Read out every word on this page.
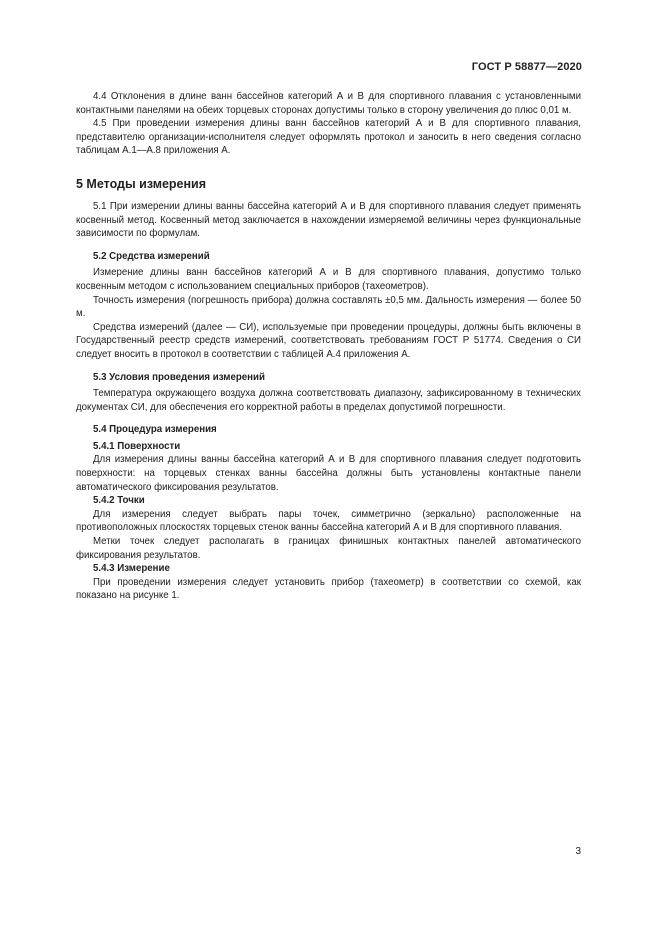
ГОСТ Р 58877—2020

4.4 Отклонения в длине ванн бассейнов категорий А и В для спортивного плавания с установленными контактными панелями на обеих торцевых сторонах допустимы только в сторону увеличения до плюс 0,01 м.

4.5 При проведении измерения длины ванн бассейнов категорий А и В для спортивного плавания, представителю организации-исполнителя следует оформлять протокол и заносить в него сведения согласно таблицам А.1—А.8 приложения А.

5 Методы измерения

5.1 При измерении длины ванны бассейна категорий А и В для спортивного плавания следует применять косвенный метод. Косвенный метод заключается в нахождении измеряемой величины через функциональные зависимости по формулам.

5.2 Средства измерений

Измерение длины ванн бассейнов категорий А и В для спортивного плавания, допустимо только косвенным методом с использованием специальных приборов (тахеометров).

Точность измерения (погрешность прибора) должна составлять ±0,5 мм. Дальность измерения — более 50 м.

Средства измерений (далее — СИ), используемые при проведении процедуры, должны быть включены в Государственный реестр средств измерений, соответствовать требованиям ГОСТ Р 51774. Сведения о СИ следует вносить в протокол в соответствии с таблицей А.4 приложения А.

5.3 Условия проведения измерений

Температура окружающего воздуха должна соответствовать диапазону, зафиксированному в технических документах СИ, для обеспечения его корректной работы в пределах допустимой погрешности.

5.4 Процедура измерения
5.4.1 Поверхности

Для измерения длины ванны бассейна категорий А и В для спортивного плавания следует подготовить поверхности: на торцевых стенках ванны бассейна должны быть установлены контактные панели автоматического фиксирования результатов.

5.4.2 Точки

Для измерения следует выбрать пары точек, симметрично (зеркально) расположенные на противоположных плоскостях торцевых стенок ванны бассейна категорий А и В для спортивного плавания.

Метки точек следует располагать в границах финишных контактных панелей автоматического фиксирования результатов.

5.4.3 Измерение

При проведении измерения следует установить прибор (тахеометр) в соответствии со схемой, как показано на рисунке 1.

3
